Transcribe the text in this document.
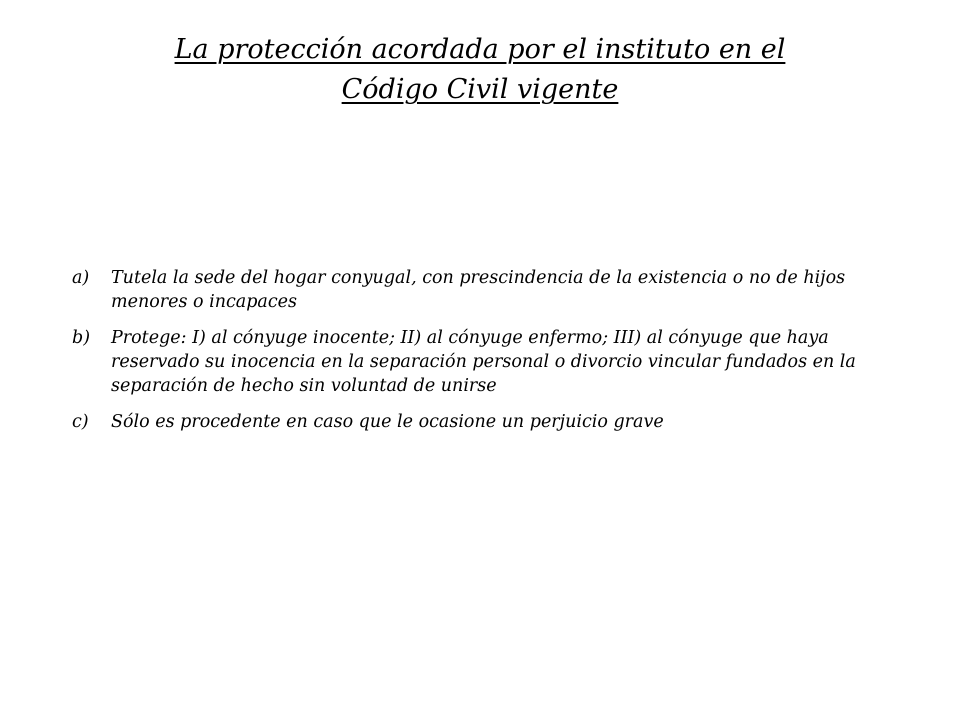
La protección acordada por el instituto en el
Código Civil vigente
a) Tutela la sede del hogar conyugal, con prescindencia de la existencia o no de hijos menores o incapaces
b) Protege: I) al cónyuge inocente; II) al cónyuge enfermo; III) al cónyuge que haya reservado su inocencia en la separación personal o divorcio vincular fundados en la separación de hecho sin voluntad de unirse
c) Sólo es procedente en caso que le ocasione un perjuicio grave
